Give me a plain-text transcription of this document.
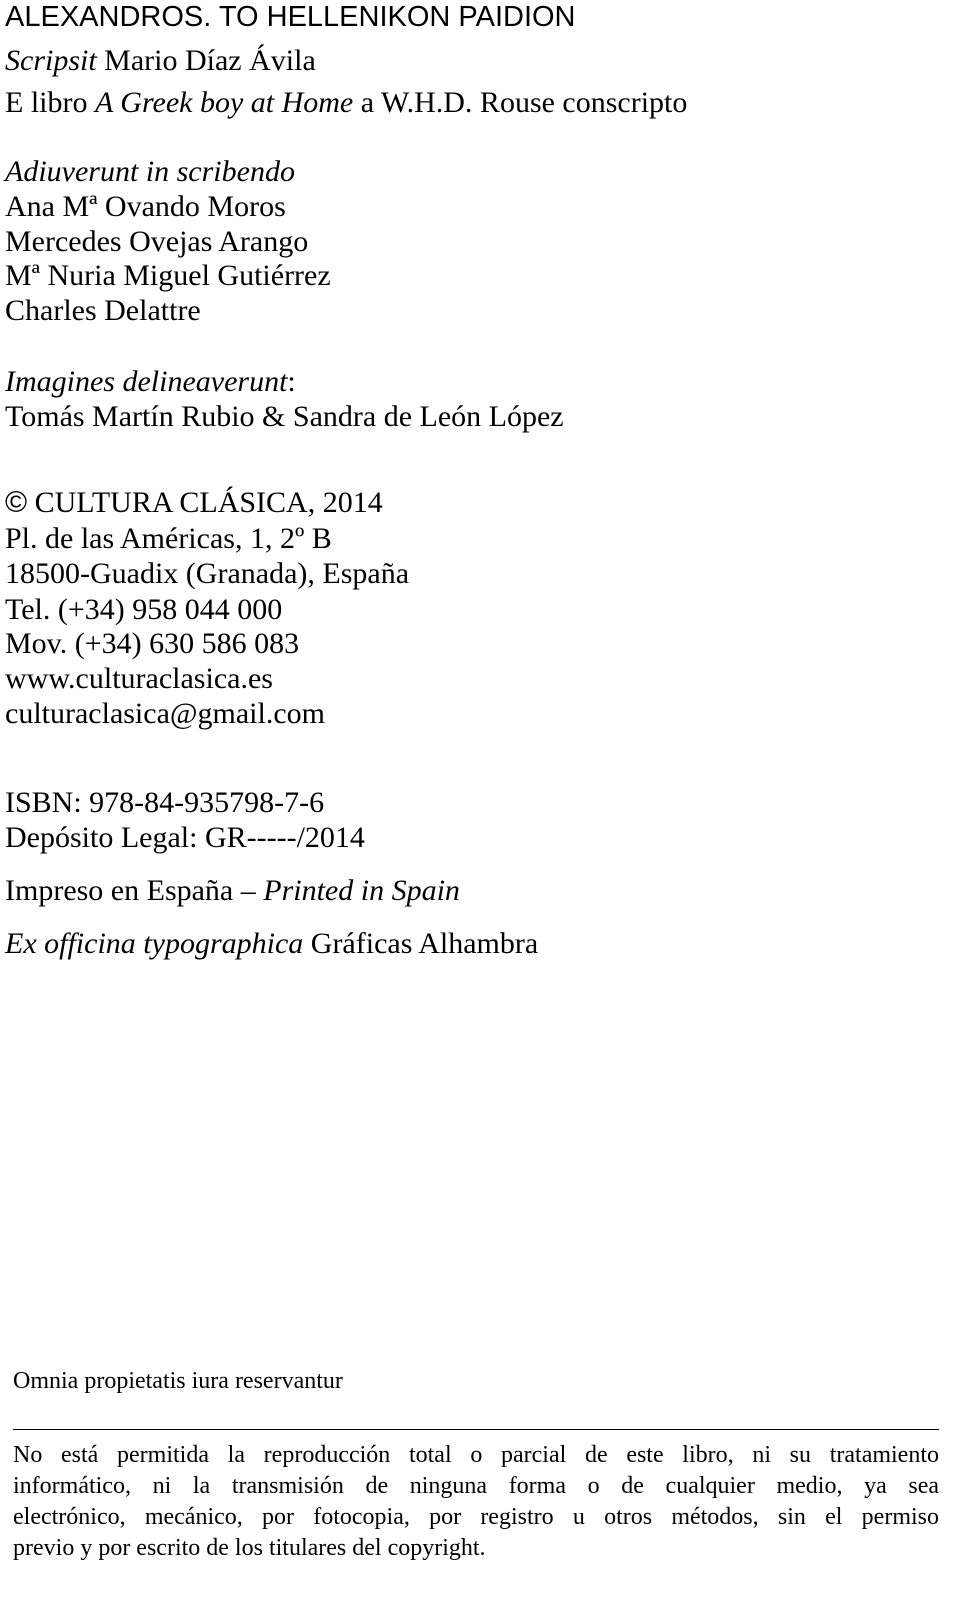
ALEXANDROS. TO HELLENIKON PAIDION
Scripsit Mario Díaz Ávila
E libro A Greek boy at Home a W.H.D. Rouse conscripto
Adiuverunt in scribendo
Ana Mª Ovando Moros
Mercedes Ovejas Arango
Mª Nuria Miguel Gutiérrez
Charles Delattre
Imagines delineaverunt:
Tomás Martín Rubio & Sandra de León López
© CULTURA CLÁSICA, 2014
Pl. de las Américas, 1, 2º B
18500-Guadix (Granada), España
Tel. (+34) 958 044 000
Mov. (+34) 630 586 083
www.culturaclasica.es
culturaclasica@gmail.com
ISBN: 978-84-935798-7-6
Depósito Legal: GR-----/2014
Impreso en España – Printed in Spain
Ex officina typographica Gráficas Alhambra
Omnia propietatis iura reservantur
No está permitida la reproducción total o parcial de este libro, ni su tratamiento
informático, ni la transmisión de ninguna forma o de cualquier medio, ya sea
electrónico, mecánico, por fotocopia, por registro u otros métodos, sin el permiso
previo y por escrito de los titulares del copyright.
